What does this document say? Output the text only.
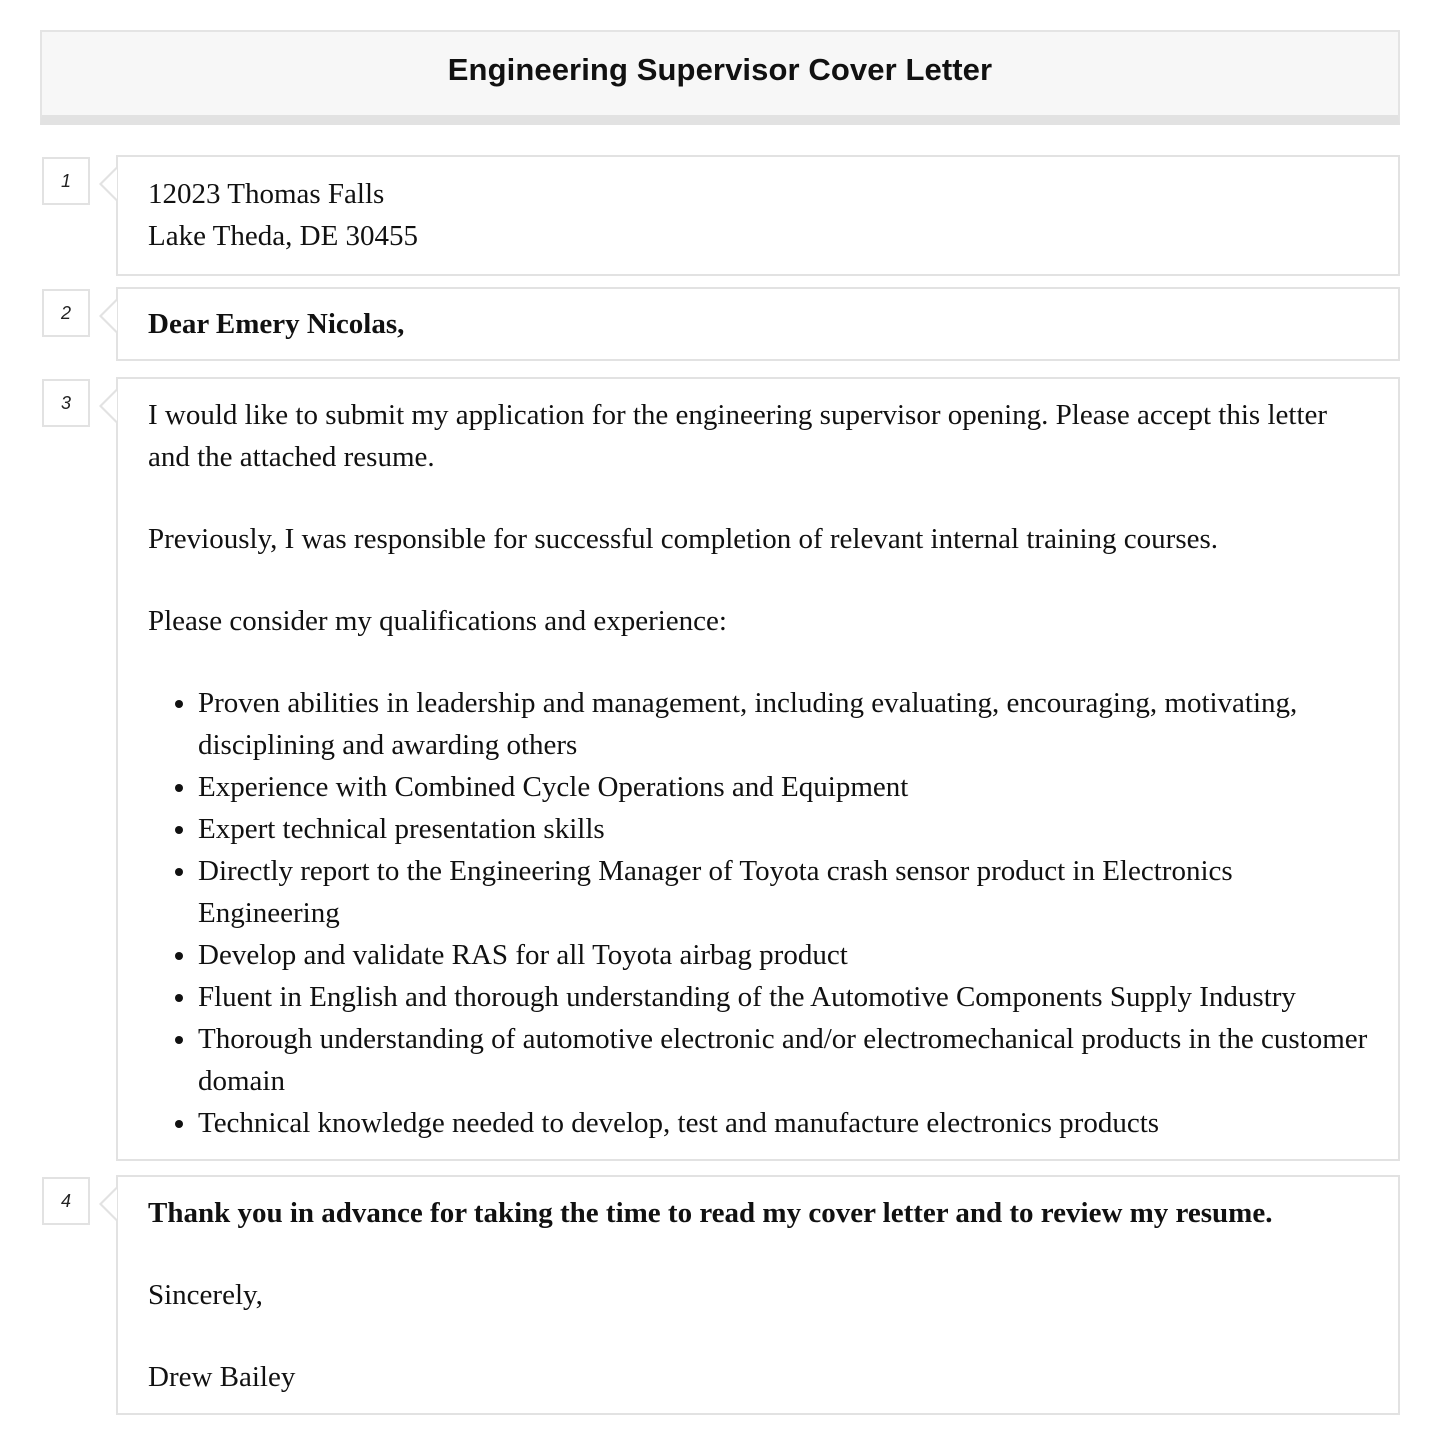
Engineering Supervisor Cover Letter
1	12023 Thomas Falls

Lake Theda, DE 30455

2	Dear Emery Nicolas,

3	I would like to submit my application for the engineering supervisor opening. Please accept this letter and the attached resume.

Previously, I was responsible for successful completion of relevant internal training courses.

Please consider my qualifications and experience:

• Proven abilities in leadership and management, including evaluating, encouraging, motivating, disciplining and awarding others
• Experience with Combined Cycle Operations and Equipment
• Expert technical presentation skills
• Directly report to the Engineering Manager of Toyota crash sensor product in Electronics Engineering
• Develop and validate RAS for all Toyota airbag product
• Fluent in English and thorough understanding of the Automotive Components Supply Industry
• Thorough understanding of automotive electronic and/or electromechanical products in the customer domain
• Technical knowledge needed to develop, test and manufacture electronics products
4	Thank you in advance for taking the time to read my cover letter and to review my resume.

Sincerely,

Drew Bailey
